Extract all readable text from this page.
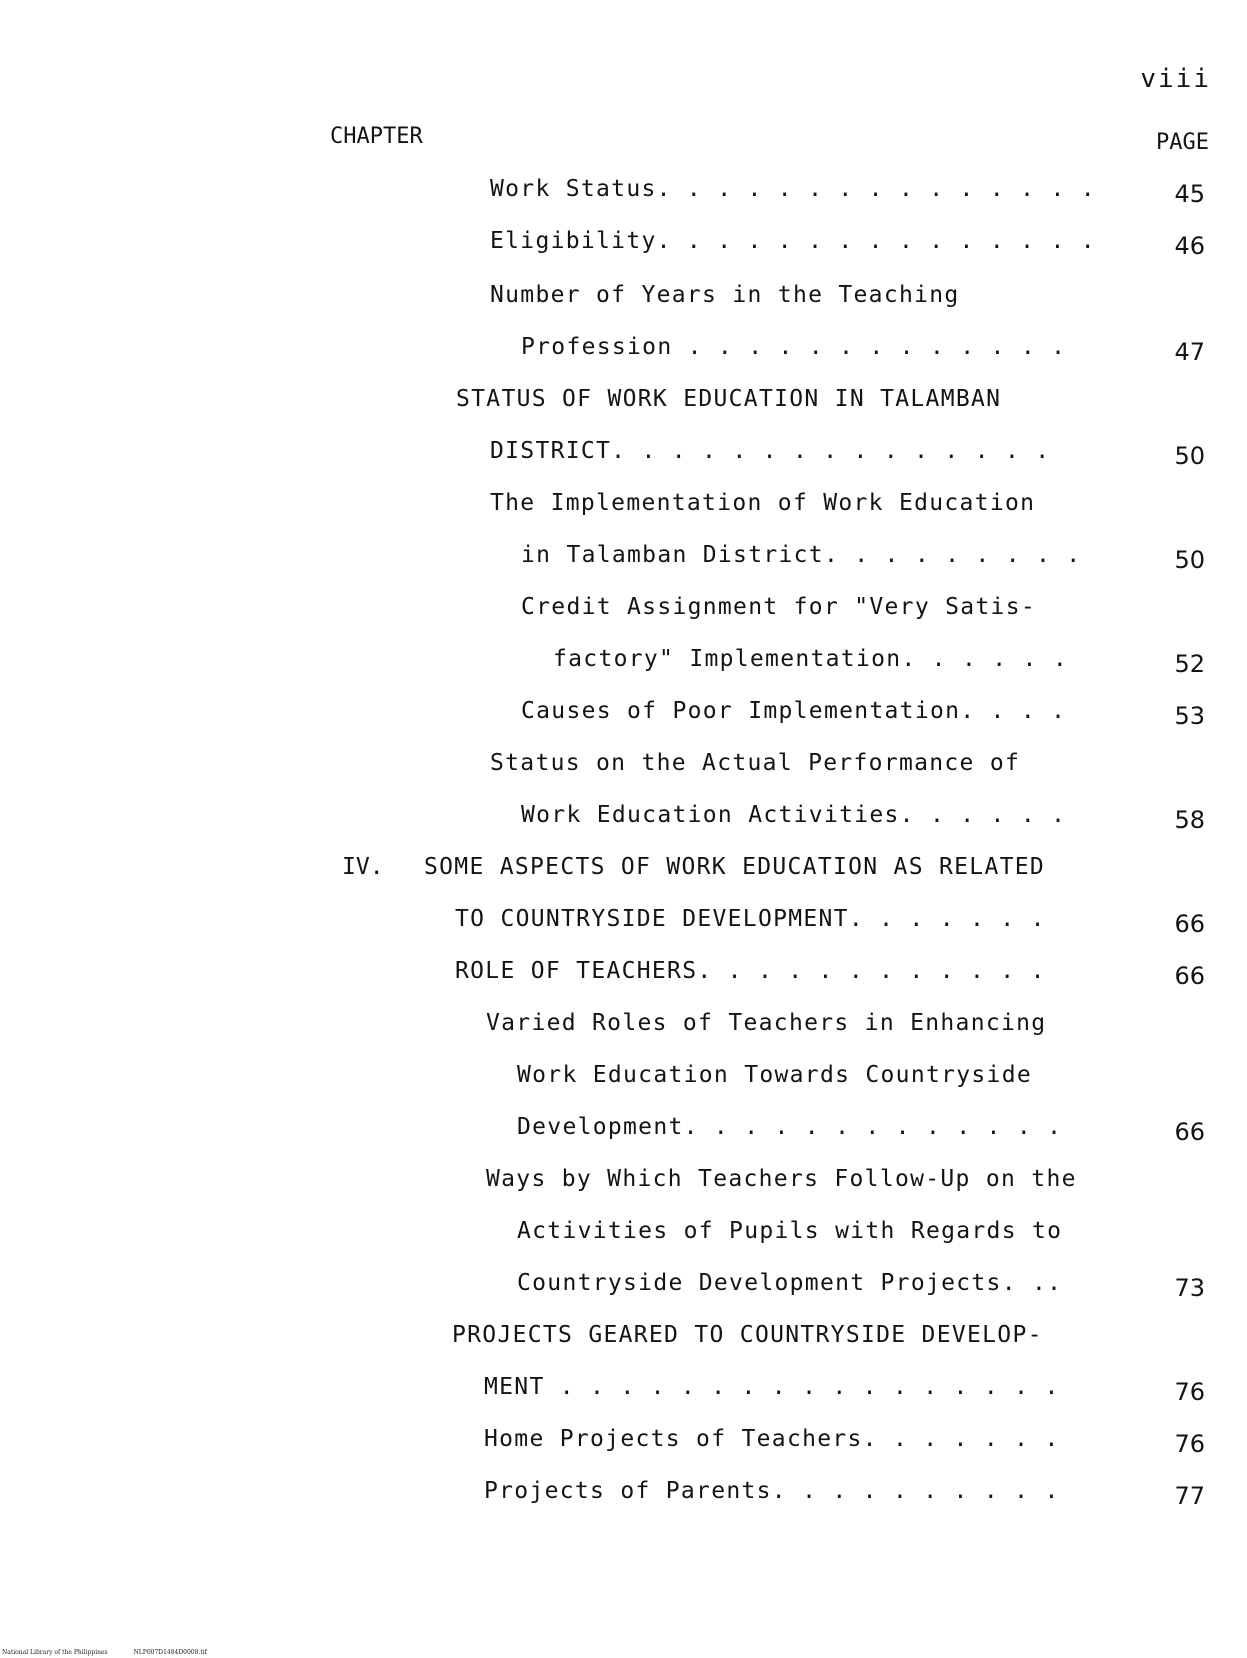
viii
CHAPTER	PAGE
Work Status. . . . . . . . . . . . . . .	45
Eligibility. . . . . . . . . . . . . . .	46
Number of Years in the Teaching
Profession . . . . . . . . . . . . .	47
STATUS OF WORK EDUCATION IN TALAMBAN
DISTRICT. . . . . . . . . . . . . . .	50
The Implementation of Work Education
in Talamban District. . . . . . . . .	50
Credit Assignment for "Very Satis-
factory" Implementation. . . . . .	52
Causes of Poor Implementation. . . .	53
Status on the Actual Performance of
Work Education Activities. . . . . .	58
IV. SOME ASPECTS OF WORK EDUCATION AS RELATED
TO COUNTRYSIDE DEVELOPMENT. . . . . . .	66
ROLE OF TEACHERS. . . . . . . . . . . .	66
Varied Roles of Teachers in Enhancing
Work Education Towards Countryside
Development. . . . . . . . . . . . .	66
Ways by Which Teachers Follow-Up on the
Activities of Pupils with Regards to
Countryside Development Projects. ..	73
PROJECTS GEARED TO COUNTRYSIDE DEVELOP-
MENT . . . . . . . . . . . . . . . . .	76
Home Projects of Teachers. . . . . . .	76
Projects of Parents. . . . . . . . . .	77
National Library of the Philippines	NLP007D1484D0008.tif
